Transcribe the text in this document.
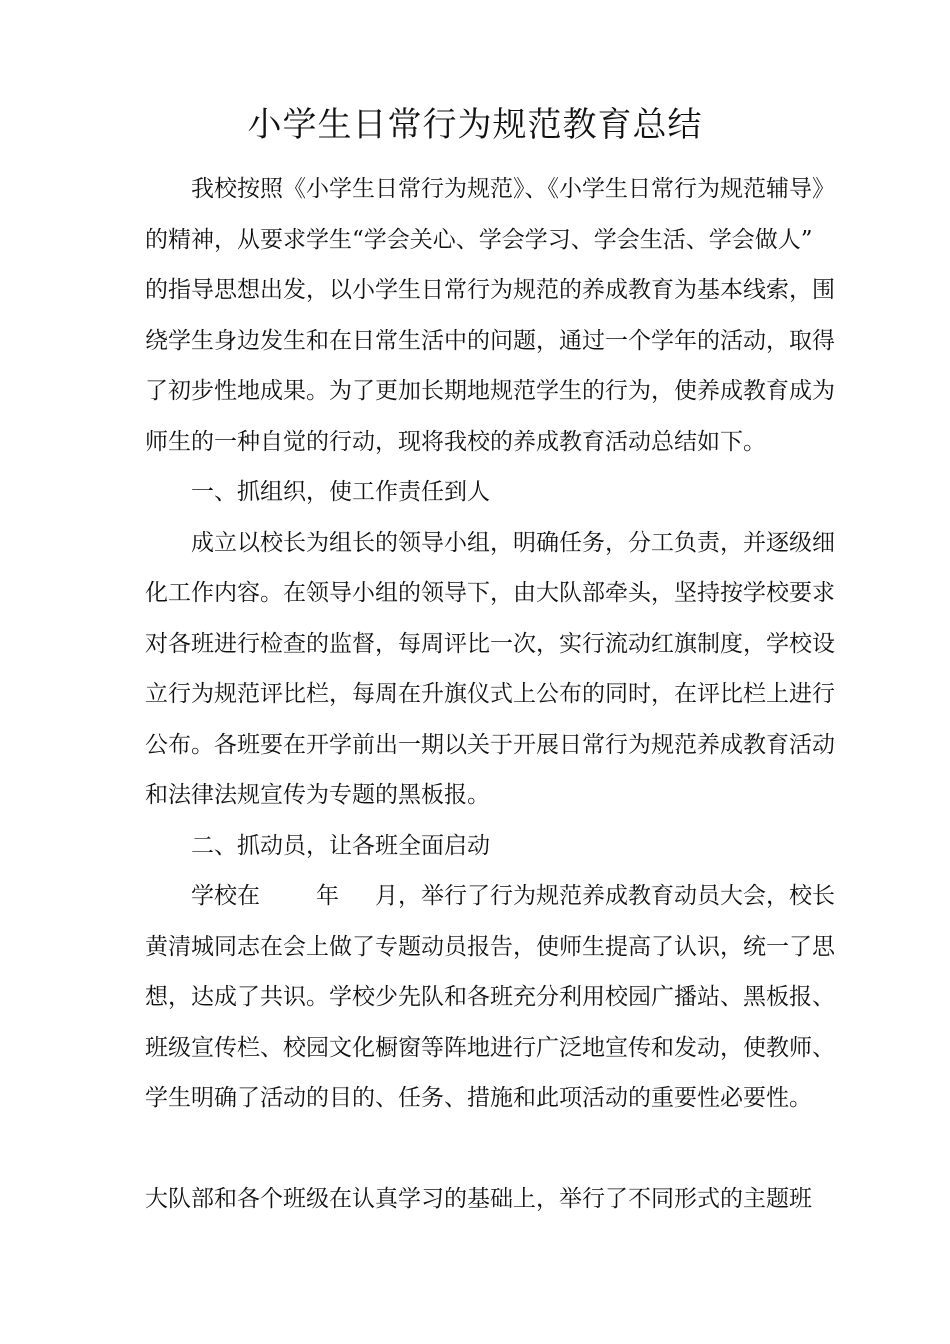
小学生日常行为规范教育总结
我校按照《小学生日常行为规范》、《小学生日常行为规范辅导》
的精神，从要求学生“学会关心、学会学习、学会生活、学会做人”
的指导思想出发，以小学生日常行为规范的养成教育为基本线索，围
绕学生身边发生和在日常生活中的问题，通过一个学年的活动，取得
了初步性地成果。为了更加长期地规范学生的行为，使养成教育成为
师生的一种自觉的行动，现将我校的养成教育活动总结如下。
一、抓组织，使工作责任到人
成立以校长为组长的领导小组，明确任务，分工负责，并逐级细
化工作内容。在领导小组的领导下，由大队部牵头，坚持按学校要求
对各班进行检查的监督，每周评比一次，实行流动红旗制度，学校设
立行为规范评比栏，每周在升旗仪式上公布的同时，在评比栏上进行
公布。各班要在开学前出一期以关于开展日常行为规范养成教育活动
和法律法规宣传为专题的黑板报。
二、抓动员，让各班全面启动
学校在 年 月，举行了行为规范养成教育动员大会，校长
黄清城同志在会上做了专题动员报告，使师生提高了认识，统一了思
想，达成了共识。学校少先队和各班充分利用校园广播站、黑板报、
班级宣传栏、校园文化橱窗等阵地进行广泛地宣传和发动，使教师、
学生明确了活动的目的、任务、措施和此项活动的重要性必要性。
大队部和各个班级在认真学习的基础上，举行了不同形式的主题班
